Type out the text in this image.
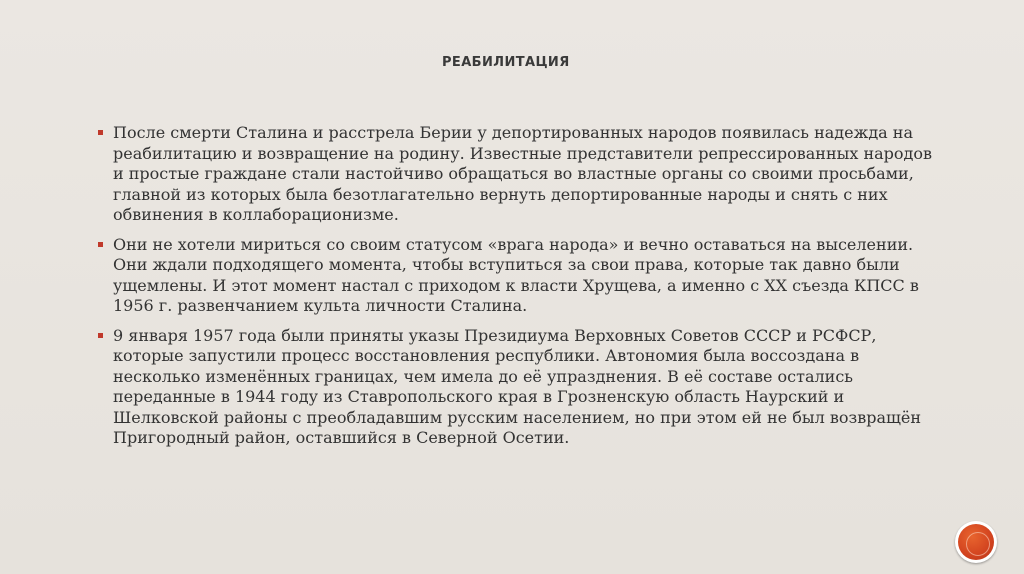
РЕАБИЛИТАЦИЯ
После смерти Сталина и расстрела Берии у депортированных народов появилась надежда на реабилитацию и возвращение на родину. Известные представители репрессированных народов и простые граждане стали настойчиво обращаться во властные органы со своими просьбами, главной из которых была безотлагательно вернуть депортированные народы и снять с них обвинения в коллаборационизме.
Они не хотели мириться со своим статусом «врага народа» и вечно оставаться на выселении. Они ждали подходящего момента, чтобы вступиться за свои права, которые так давно были ущемлены. И этот момент настал с приходом к власти Хрущева, а именно с XX съезда КПСС в 1956 г. развенчанием культа личности Сталина.
9 января 1957 года были приняты указы Президиума Верховных Советов СССР и РСФСР, которые запустили процесс восстановления республики. Автономия была воссоздана в несколько изменённых границах, чем имела до её упразднения. В её составе остались переданные в 1944 году из Ставропольского края в Грозненскую область Наурский и Шелковской районы с преобладавшим русским населением, но при этом ей не был возвращён Пригородный район, оставшийся в Северной Осетии.
